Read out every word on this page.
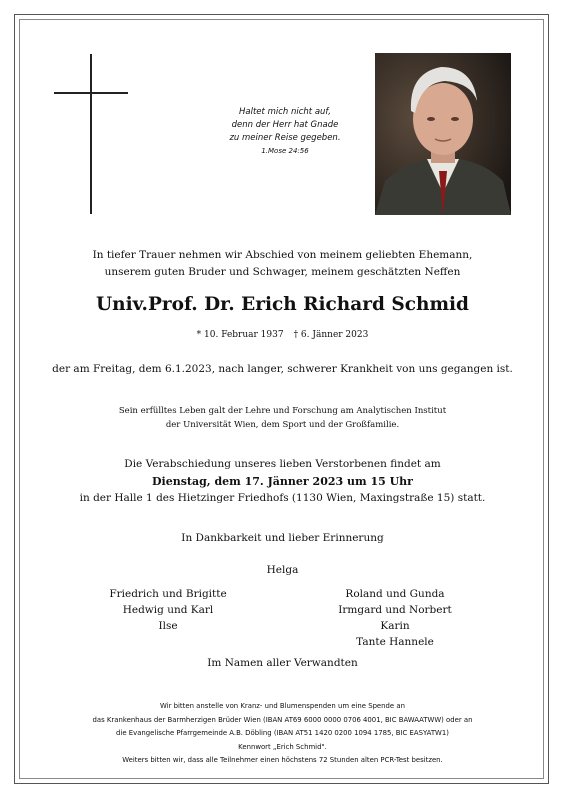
Haltet mich nicht auf,
denn der Herr hat Gnade
zu meiner Reise gegeben.
1.Mose 24:56
In tiefer Trauer nehmen wir Abschied von meinem geliebten Ehemann,
unserem guten Bruder und Schwager, meinem geschätzten Neffen
Univ.Prof. Dr. Erich Richard Schmid
* 10. Februar 1937 † 6. Jänner 2023
der am Freitag, dem 6.1.2023, nach langer, schwerer Krankheit von uns gegangen ist.
Sein erfülltes Leben galt der Lehre und Forschung am Analytischen Institut
der Universität Wien, dem Sport und der Großfamilie.
Die Verabschiedung unseres lieben Verstorbenen findet am
Dienstag, dem 17. Jänner 2023 um 15 Uhr
in der Halle 1 des Hietzinger Friedhofs (1130 Wien, Maxingstraße 15) statt.
In Dankbarkeit und lieber Erinnerung
Helga
Friedrich und Brigitte
Hedwig und Karl
Ilse
Roland und Gunda
Irmgard und Norbert
Karin
Tante Hannele
Im Namen aller Verwandten
Wir bitten anstelle von Kranz- und Blumenspenden um eine Spende an
das Krankenhaus der Barmherzigen Brüder Wien (IBAN AT69 6000 0000 0706 4001, BIC BAWAATWW) oder an
die Evangelische Pfarrgemeinde A.B. Döbling (IBAN AT51 1420 0200 1094 1785, BIC EASYATW1)
Kennwort „Erich Schmid".
Weiters bitten wir, dass alle Teilnehmer einen höchstens 72 Stunden alten PCR-Test besitzen.
